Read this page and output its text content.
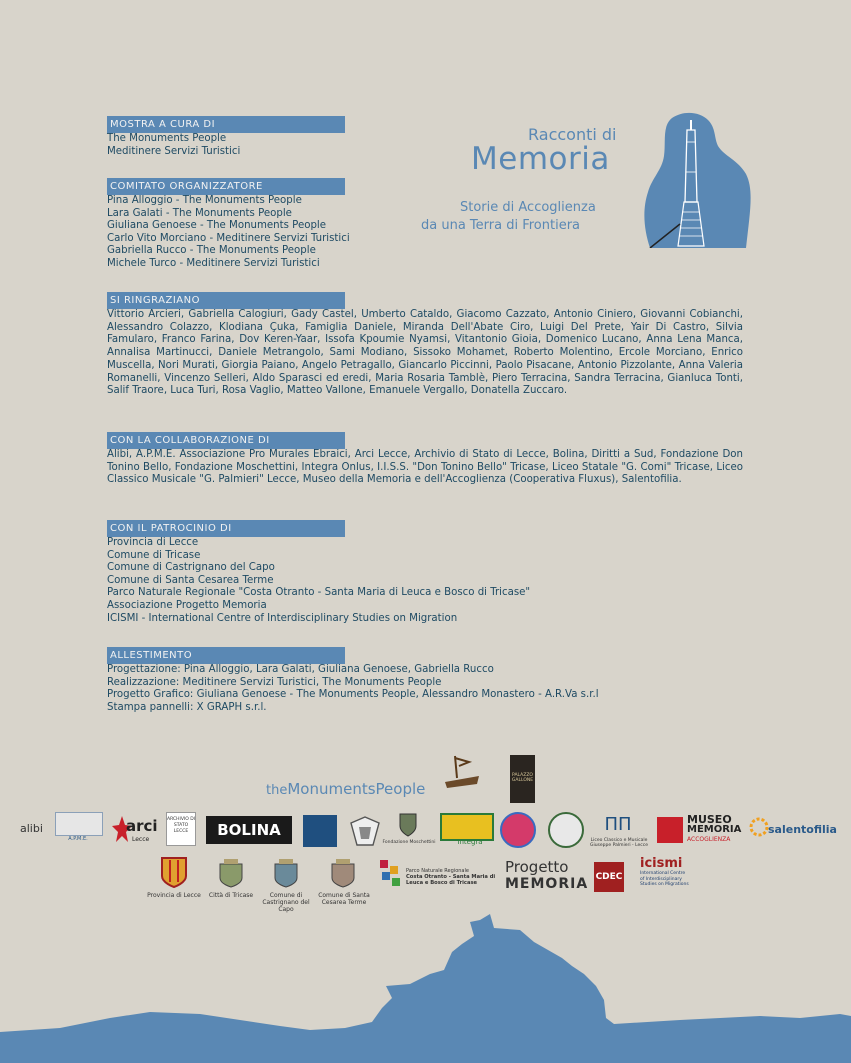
Racconti di
Memoria
Storie di Accoglienza
da una Terra di Frontiera
MOSTRA A CURA DI
The Monuments People
Meditinere Servizi Turistici
COMITATO ORGANIZZATORE
Pina Alloggio - The Monuments People
Lara Galati - The Monuments People
Giuliana Genoese - The Monuments People
Carlo Vito Morciano - Meditinere Servizi Turistici
Gabriella Rucco - The Monuments People
Michele Turco - Meditinere Servizi Turistici
SI RINGRAZIANO
Vittorio Arcieri, Gabriella Calogiuri, Gady Castel, Umberto Cataldo, Giacomo Cazzato, Antonio Ciniero, Giovanni Cobianchi, Alessandro Colazzo, Klodiana Çuka, Famiglia Daniele, Miranda Dell'Abate Ciro, Luigi Del Prete, Yair Di Castro, Silvia Famularo, Franco Farina, Dov Keren-Yaar, Issofa Kpoumie Nyamsi, Vitantonio Gioia, Domenico Lucano, Anna Lena Manca, Annalisa Martinucci, Daniele Metrangolo, Sami Modiano, Sissoko Mohamet, Roberto Molentino, Ercole Morciano, Enrico Muscella, Nori Murati, Giorgia Paiano, Angelo Petragallo, Giancarlo Piccinni, Paolo Pisacane, Antonio Pizzolante, Anna Valeria Romanelli, Vincenzo Selleri, Aldo Sparasci ed eredi, Maria Rosaria Tamblè, Piero Terracina, Sandra Terracina, Gianluca Tonti, Salif Traore, Luca Turi, Rosa Vaglio, Matteo Vallone, Emanuele Vergallo, Donatella Zuccaro.
CON LA COLLABORAZIONE DI
Alibi, A.P.M.E. Associazione Pro Murales Ebraici, Arci Lecce, Archivio di Stato di Lecce, Bolina, Diritti a Sud, Fondazione Don Tonino Bello, Fondazione Moschettini, Integra Onlus, I.I.S.S. "Don Tonino Bello" Tricase, Liceo Statale "G. Comi" Tricase, Liceo Classico Musicale "G. Palmieri" Lecce, Museo della Memoria e dell'Accoglienza (Cooperativa Fluxus), Salentofilia.
CON IL PATROCINIO DI
Provincia di Lecce
Comune di Tricase
Comune di Castrignano del Capo
Comune di Santa Cesarea Terme
Parco Naturale Regionale "Costa Otranto - Santa Maria di Leuca e Bosco di Tricase"
Associazione Progetto Memoria
ICISMI - International Centre of Interdisciplinary Studies on Migration
ALLESTIMENTO
Progettazione: Pina Alloggio, Lara Galati, Giuliana Genoese, Gabriella Rucco
Realizzazione: Meditinere Servizi Turistici, The Monuments People
Progetto Grafico: Giuliana Genoese - The Monuments People, Alessandro Monastero - A.R.Va s.r.l
Stampa pannelli: X GRAPH s.r.l.
theMonumentsPeople
PALAZZO GALLONE
alibi
A.P.M.E.
arci
Lecce
ARCHIVIO DI STATO LECCE	BOLINA
Fondazione Moschettini	Integra
ΠΠ
Liceo Classico e Musicale Giuseppe Palmieri - Lecce
MUSEO
MEMORIA
ACCOGLIENZA
salentofilia
Provincia di Lecce	Città di Tricase	Comune di Castrignano del Capo
Comune di Santa Cesarea Terme
Parco Naturale Regionale
Costa Otranto - Santa Maria di Leuca e Bosco di Tricase
Progetto
MEMORIA CDEC
icismi
International Centre of Interdisciplinary Studies on Migrations
